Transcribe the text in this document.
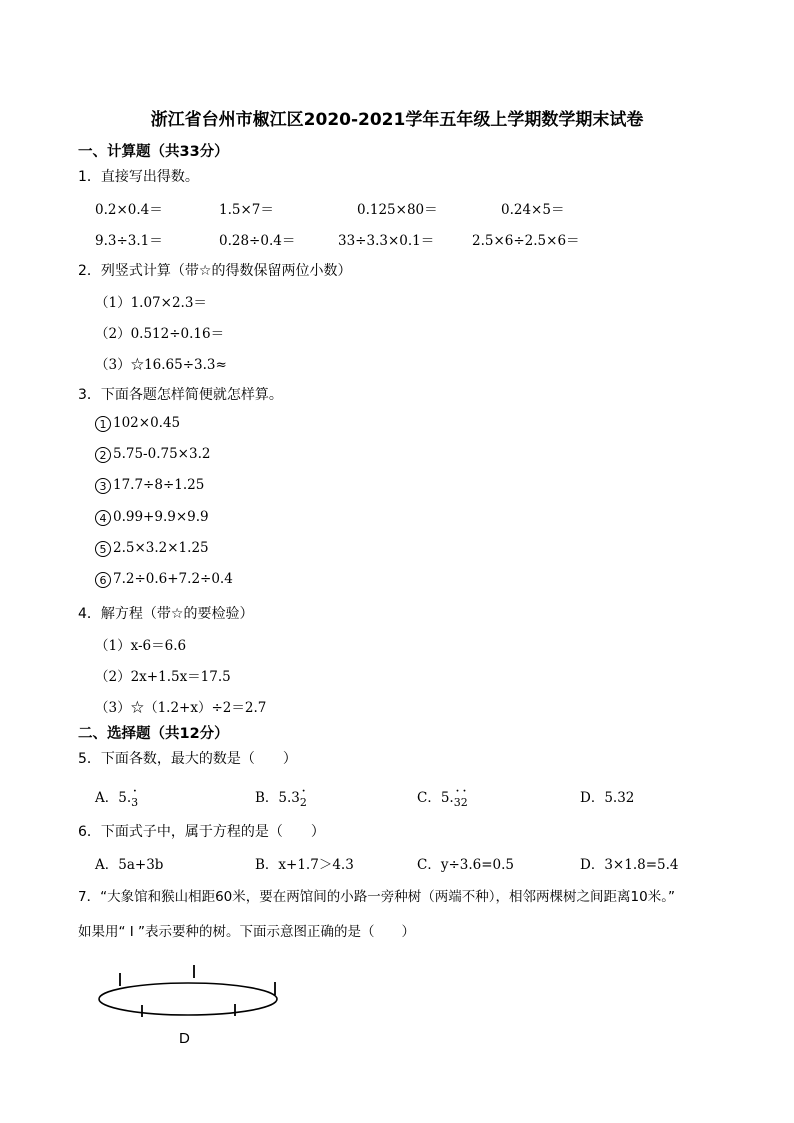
浙江省台州市椒江区2020-2021学年五年级上学期数学期末试卷
一、计算题（共33分）
1．直接写出得数。
0.2×0.4＝	1.5×7＝	0.125×80＝	0.24×5＝
9.3÷3.1＝	0.28÷0.4＝	33÷3.3×0.1＝	2.5×6÷2.5×6＝
2．列竖式计算（带☆的得数保留两位小数）
（1）1.07×2.3＝
（2）0.512÷0.16＝
（3）☆16.65÷3.3≈
3．下面各题怎样简便就怎样算。
1 102×0.45
2 5.75-0.75×3.2
3 17.7÷8÷1.25
4 0.99+9.9×9.9
5 2.5×3.2×1.25
6 7.2÷0.6+7.2÷0.4
4．解方程（带☆的要检验）
（1）x-6＝6.6
（2）2x+1.5x＝17.5
（3）☆（1.2+x）÷2＝2.7
二、选择题（共12分）
5．下面各数，最大的数是（　　）
A．5. ·
$_3$	B．5.3 ·
$_2$	C．5. · ·
$_{32}$	D．5.32
6．下面式子中，属于方程的是（　　）
A．5a+3b	B．x+1.7＞4.3	C．y÷3.6=0.5	D．3×1.8=5.4
7．“大象馆和猴山相距60米，要在两馆间的小路一旁种树（两端不种），相邻两棵树之间距离10米。”
如果用“ Ⅰ ”表示要种的树。下面示意图正确的是（　　）
D
